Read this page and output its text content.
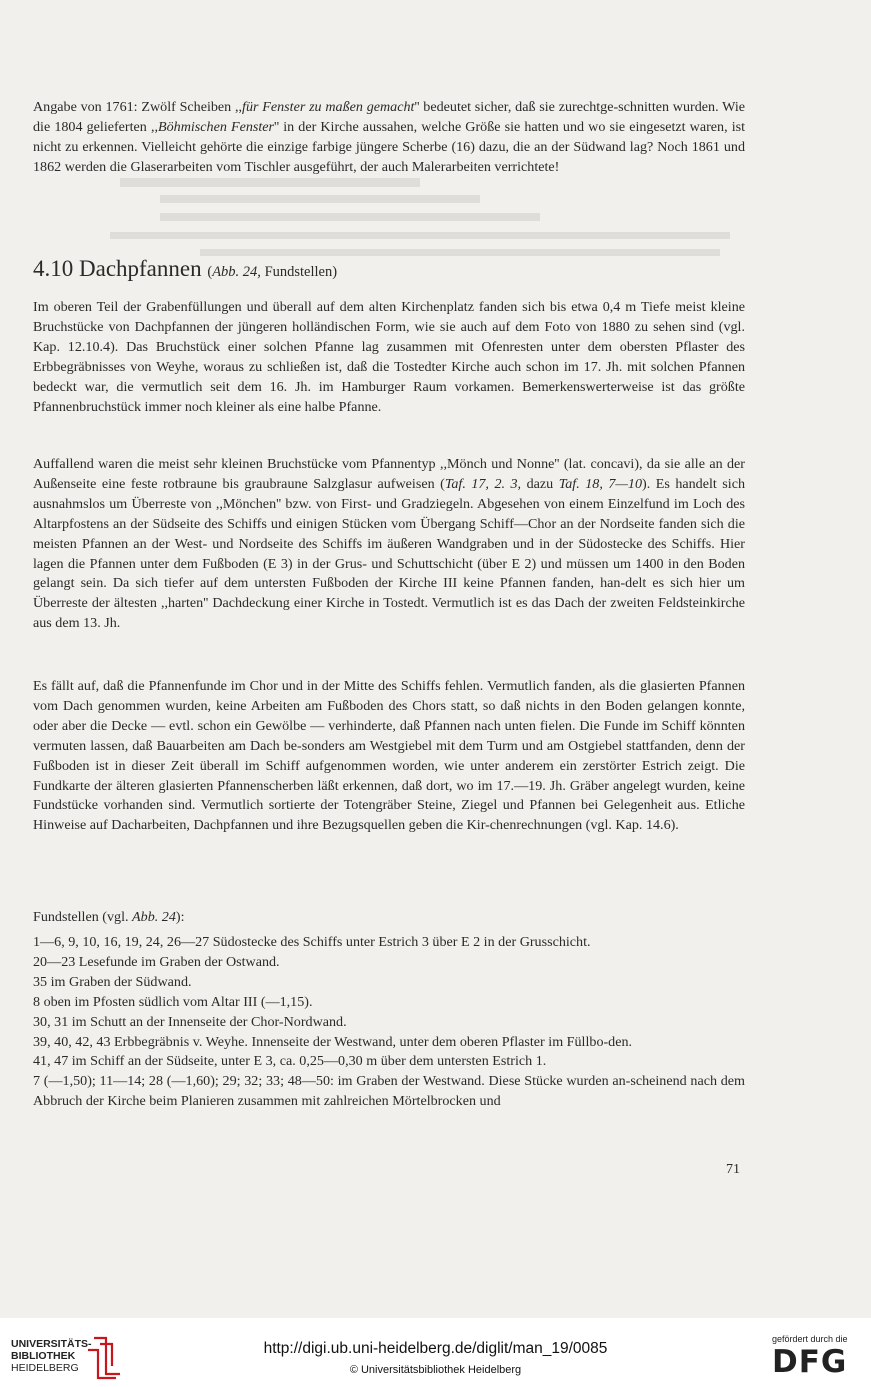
Angabe von 1761: Zwölf Scheiben ,,für Fenster zu maßen gemacht'' bedeutet sicher, daß sie zurechtge-schnitten wurden. Wie die 1804 gelieferten ,,Böhmischen Fenster'' in der Kirche aussahen, welche Größe sie hatten und wo sie eingesetzt waren, ist nicht zu erkennen. Vielleicht gehörte die einzige farbige jüngere Scherbe (16) dazu, die an der Südwand lag? Noch 1861 und 1862 werden die Glaserarbeiten vom Tischler ausgeführt, der auch Malerarbeiten verrichtete!

4.10 Dachpfannen (Abb. 24, Fundstellen)

Im oberen Teil der Grabenfüllungen und überall auf dem alten Kirchenplatz fanden sich bis etwa 0,4 m Tiefe meist kleine Bruchstücke von Dachpfannen der jüngeren holländischen Form, wie sie auch auf dem Foto von 1880 zu sehen sind (vgl. Kap. 12.10.4). Das Bruchstück einer solchen Pfanne lag zusammen mit Ofenresten unter dem obersten Pflaster des Erbbegräbnisses von Weyhe, woraus zu schließen ist, daß die Tostedter Kirche auch schon im 17. Jh. mit solchen Pfannen bedeckt war, die vermutlich seit dem 16. Jh. im Hamburger Raum vorkamen. Bemerkenswerterweise ist das größte Pfannenbruchstück immer noch kleiner als eine halbe Pfanne.

Auffallend waren die meist sehr kleinen Bruchstücke vom Pfannentyp ,,Mönch und Nonne'' (lat. concavi), da sie alle an der Außenseite eine feste rotbraune bis graubraune Salzglasur aufweisen (Taf. 17, 2. 3, dazu Taf. 18, 7—10). Es handelt sich ausnahmslos um Überreste von ,,Mönchen'' bzw. von First- und Gradziegeln. Abgesehen von einem Einzelfund im Loch des Altarpfostens an der Südseite des Schiffs und einigen Stücken vom Übergang Schiff—Chor an der Nordseite fanden sich die meisten Pfannen an der West- und Nordseite des Schiffs im äußeren Wandgraben und in der Südostecke des Schiffs. Hier lagen die Pfannen unter dem Fußboden (E 3) in der Grus- und Schuttschicht (über E 2) und müssen um 1400 in den Boden gelangt sein. Da sich tiefer auf dem untersten Fußboden der Kirche III keine Pfannen fanden, han-delt es sich hier um Überreste der ältesten ,,harten'' Dachdeckung einer Kirche in Tostedt. Vermutlich ist es das Dach der zweiten Feldsteinkirche aus dem 13. Jh.

Es fällt auf, daß die Pfannenfunde im Chor und in der Mitte des Schiffs fehlen. Vermutlich fanden, als die glasierten Pfannen vom Dach genommen wurden, keine Arbeiten am Fußboden des Chors statt, so daß nichts in den Boden gelangen konnte, oder aber die Decke — evtl. schon ein Gewölbe — verhinderte, daß Pfannen nach unten fielen. Die Funde im Schiff könnten vermuten lassen, daß Bauarbeiten am Dach be-sonders am Westgiebel mit dem Turm und am Ostgiebel stattfanden, denn der Fußboden ist in dieser Zeit überall im Schiff aufgenommen worden, wie unter anderem ein zerstörter Estrich zeigt. Die Fundkarte der älteren glasierten Pfannenscherben läßt erkennen, daß dort, wo im 17.—19. Jh. Gräber angelegt wurden, keine Fundstücke vorhanden sind. Vermutlich sortierte der Totengräber Steine, Ziegel und Pfannen bei Gelegenheit aus. Etliche Hinweise auf Dacharbeiten, Dachpfannen und ihre Bezugsquellen geben die Kir-chenrechnungen (vgl. Kap. 14.6).

Fundstellen (vgl. Abb. 24):

1—6, 9, 10, 16, 19, 24, 26—27 Südostecke des Schiffs unter Estrich 3 über E 2 in der Grusschicht.
20—23 Lesefunde im Graben der Ostwand.
35 im Graben der Südwand.
8 oben im Pfosten südlich vom Altar III (—1,15).
30, 31 im Schutt an der Innenseite der Chor-Nordwand.
39, 40, 42, 43 Erbbegräbnis v. Weyhe. Innenseite der Westwand, unter dem oberen Pflaster im Füllbo-den.
41, 47 im Schiff an der Südseite, unter E 3, ca. 0,25—0,30 m über dem untersten Estrich 1.
7 (—1,50); 11—14; 28 (—1,60); 29; 32; 33; 48—50: im Graben der Westwand. Diese Stücke wurden an-scheinend nach dem Abbruch der Kirche beim Planieren zusammen mit zahlreichen Mörtelbrocken und
71
UNIVERSITÄTS-
BIBLIOTHEK
HEIDELBERG
http://digi.ub.uni-heidelberg.de/diglit/man_19/0085
© Universitätsbibliothek Heidelberg
gefördert durch die
DFG
